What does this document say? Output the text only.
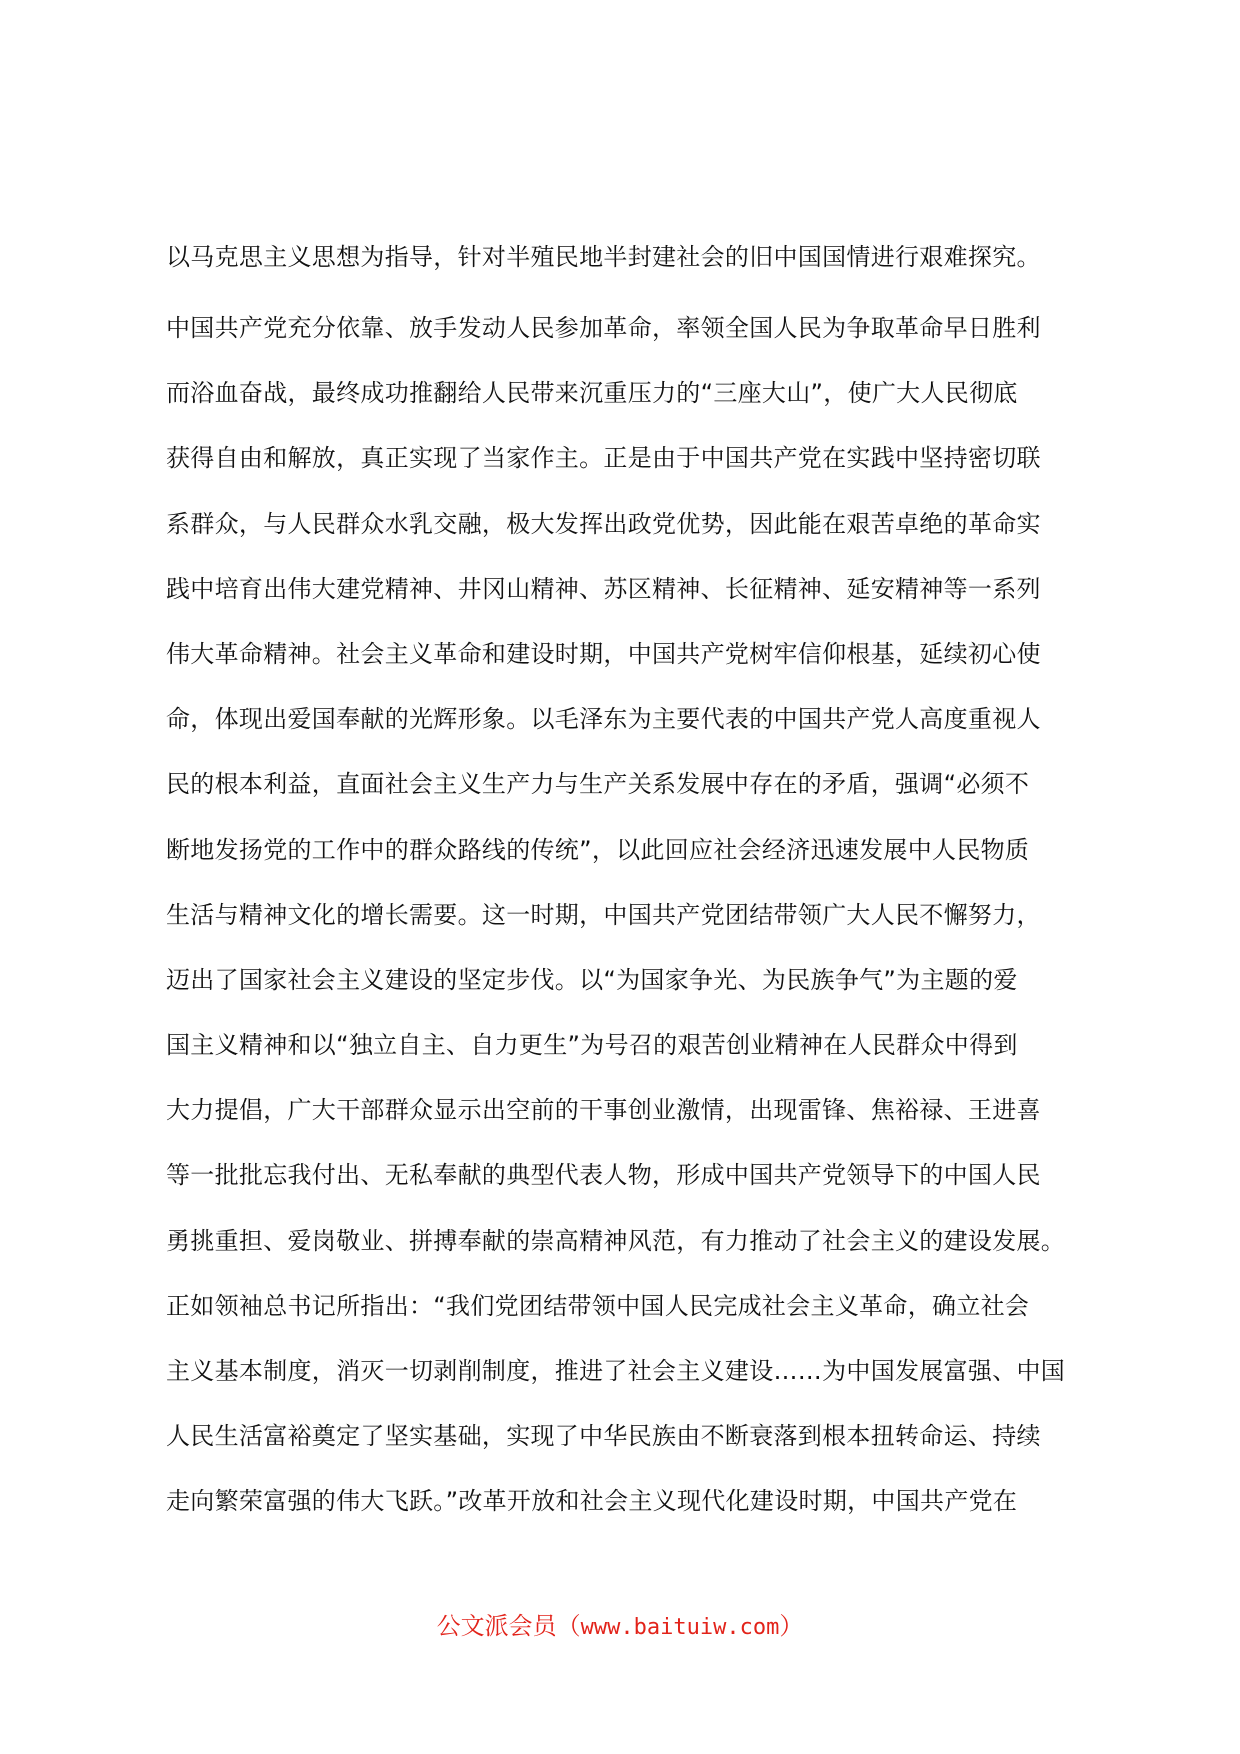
以马克思主义思想为指导，针对半殖民地半封建社会的旧中国国情进行艰难探究。
中国共产党充分依靠、放手发动人民参加革命，率领全国人民为争取革命早日胜利
而浴血奋战，最终成功推翻给人民带来沉重压力的“三座大山”，使广大人民彻底
获得自由和解放，真正实现了当家作主。正是由于中国共产党在实践中坚持密切联
系群众，与人民群众水乳交融，极大发挥出政党优势，因此能在艰苦卓绝的革命实
践中培育出伟大建党精神、井冈山精神、苏区精神、长征精神、延安精神等一系列
伟大革命精神。社会主义革命和建设时期，中国共产党树牢信仰根基，延续初心使
命，体现出爱国奉献的光辉形象。以毛泽东为主要代表的中国共产党人高度重视人
民的根本利益，直面社会主义生产力与生产关系发展中存在的矛盾，强调“必须不
断地发扬党的工作中的群众路线的传统”，以此回应社会经济迅速发展中人民物质
生活与精神文化的增长需要。这一时期，中国共产党团结带领广大人民不懈努力，
迈出了国家社会主义建设的坚定步伐。以“为国家争光、为民族争气”为主题的爱
国主义精神和以“独立自主、自力更生”为号召的艰苦创业精神在人民群众中得到
大力提倡，广大干部群众显示出空前的干事创业激情，出现雷锋、焦裕禄、王进喜
等一批批忘我付出、无私奉献的典型代表人物，形成中国共产党领导下的中国人民
勇挑重担、爱岗敬业、拼搏奉献的崇高精神风范，有力推动了社会主义的建设发展。
正如领袖总书记所指出：“我们党团结带领中国人民完成社会主义革命，确立社会
主义基本制度，消灭一切剥削制度，推进了社会主义建设……为中国发展富强、中国
人民生活富裕奠定了坚实基础，实现了中华民族由不断衰落到根本扭转命运、持续
走向繁荣富强的伟大飞跃。”改革开放和社会主义现代化建设时期，中国共产党在
公文派会员（www.baituiw.com）
